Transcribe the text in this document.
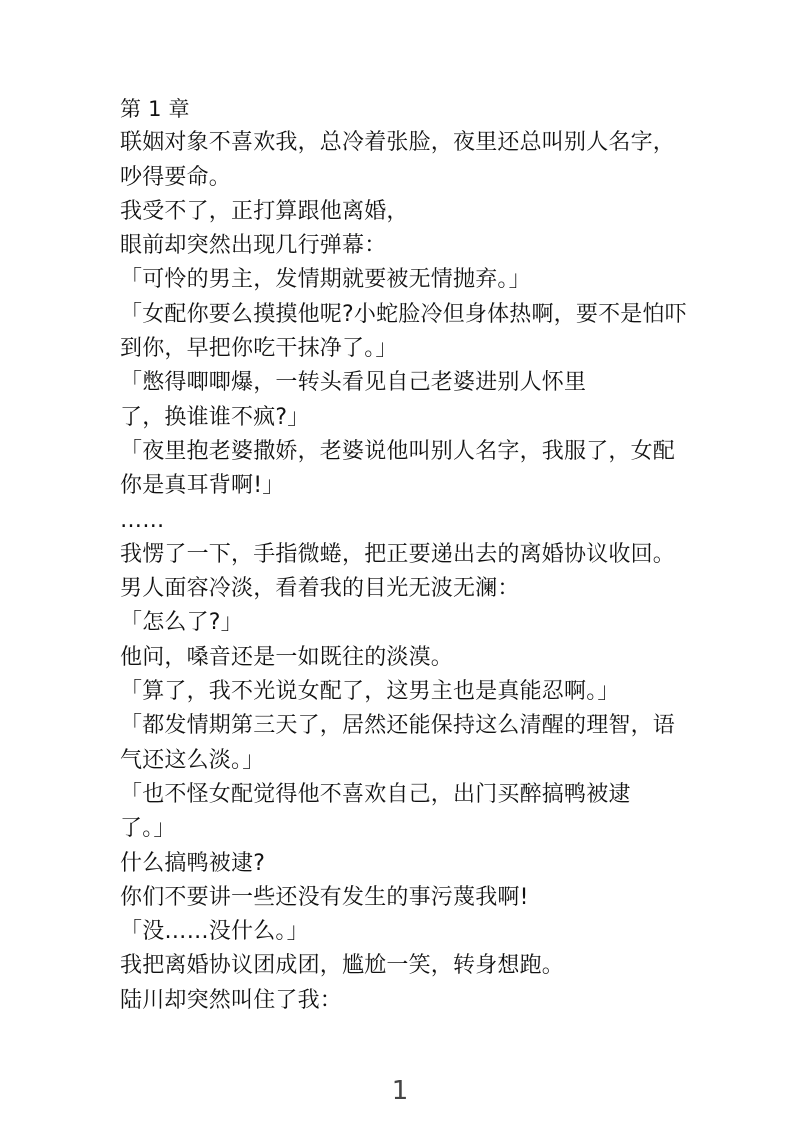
第 1 章
联姻对象不喜欢我，总冷着张脸，夜里还总叫别人名字，
吵得要命。
我受不了，正打算跟他离婚，
眼前却突然出现几行弹幕：
「可怜的男主，发情期就要被无情抛弃。」
「女配你要么摸摸他呢?小蛇脸冷但身体热啊，要不是怕吓
到你，早把你吃干抹净了。」
「憋得唧唧爆，一转头看见自己老婆进别人怀里
了，换谁谁不疯?」
「夜里抱老婆撒娇，老婆说他叫别人名字，我服了，女配
你是真耳背啊!」
……
我愣了一下，手指微蜷，把正要递出去的离婚协议收回。
男人面容冷淡，看着我的目光无波无澜：
「怎么了?」
他问，嗓音还是一如既往的淡漠。
「算了，我不光说女配了，这男主也是真能忍啊。」
「都发情期第三天了，居然还能保持这么清醒的理智，语
气还这么淡。」
「也不怪女配觉得他不喜欢自己，出门买醉搞鸭被逮
了。」
什么搞鸭被逮?
你们不要讲一些还没有发生的事污蔑我啊!
「没……没什么。」
我把离婚协议团成团，尴尬一笑，转身想跑。
陆川却突然叫住了我：
1
